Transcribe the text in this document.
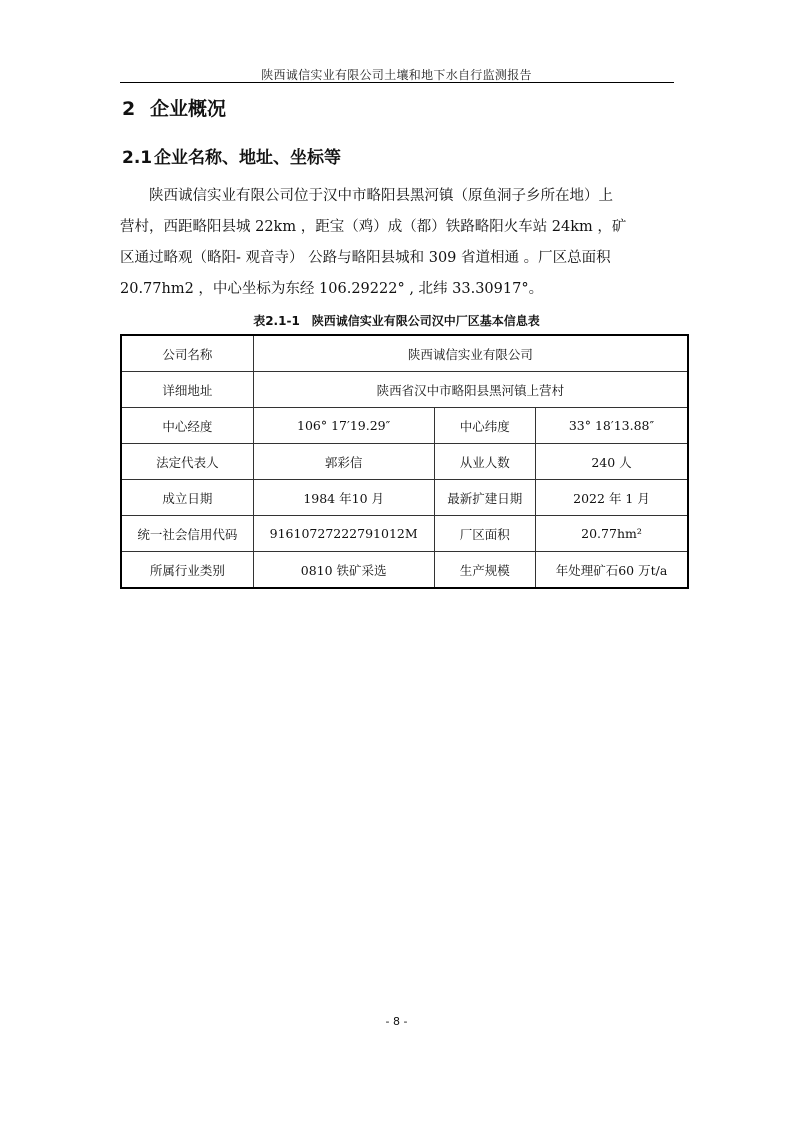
陕西诚信实业有限公司土壤和地下水自行监测报告
2 企业概况
2.1 企业名称、地址、坐标等
　　陕西诚信实业有限公司位于汉中市略阳县黑河镇（原鱼洞子乡所在地）上
营村，西距略阳县城 22km ，距宝（鸡）成（都）铁路略阳火车站 24km ，矿
区通过略观（略阳- 观音寺） 公路与略阳县城和 309 省道相通 。厂区总面积
20.77hm2 ，中心坐标为东经 106.29222° , 北纬 33.30917°。
表2.1-1　陕西诚信实业有限公司汉中厂区基本信息表
公司名称	陕西诚信实业有限公司		
详细地址	陕西省汉中市略阳县黑河镇上营村		
中心经度	106° 17′19.29″	中心纬度	33° 18′13.88″
法定代表人	郭彩信	从业人数	240 人
成立日期	1984 年10 月	最新扩建日期	2022 年 1 月
统一社会信用代码	91610727222791012M	厂区面积	20.77hm²
所属行业类别	0810 铁矿采选	生产规模	年处理矿石60 万t/a
- 8 -
